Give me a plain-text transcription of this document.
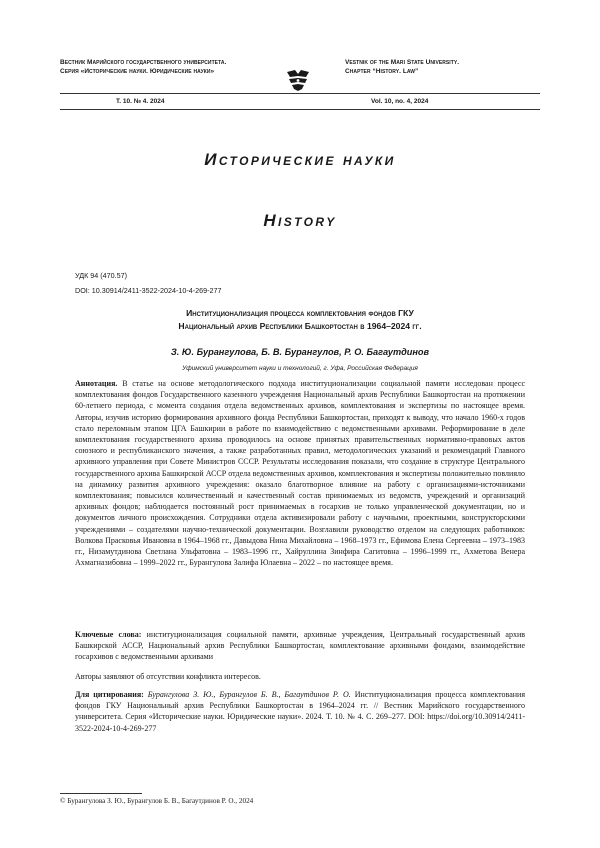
Вестник Марийского государственного университета.
Серия «Исторические науки. Юридические науки»
Vestnik of the Mari State University.
Chapter “History. Law”
Т. 10. № 4. 2024	Vol. 10, no. 4, 2024
Исторические науки
History
УДК 94 (470.57)
DOI: 10.30914/2411-3522-2024-10-4-269-277
Институционализация процесса комплектования фондов ГКУ
Национальный архив Республики Башкортостан в 1964–2024 гг.
З. Ю. Бурангулова, Б. В. Бурангулов, Р. О. Багаутдинов
Уфимский университет науки и технологий, г. Уфа, Российская Федерация
Аннотация. В статье на основе методологического подхода институционализации социальной памяти исследован процесс комплектования фондов Государственного казенного учреждения Национальный архив Республики Башкортостан на протяжении 60-летнего периода, с момента создания отдела ведомственных архивов, комплектования и экспертизы по настоящее время. Авторы, изучив историю формирования архивного фонда Республики Башкортостан, приходят к выводу, что начало 1960-х годов стало переломным этапом ЦГА Башкирии в работе по взаимодействию с ведомственными архивами. Реформирование в деле комплектования государственного архива проводилось на основе принятых правительственных нормативно-правовых актов союзного и республиканского значения, а также разработанных правил, методологических указаний и рекомендаций Главного архивного управления при Совете Министров СССР. Результаты исследования показали, что создание в структуре Центрального государственного архива Башкирской АССР отдела ведомственных архивов, комплектования и экспертизы положительно повлияло на динамику развития архивного учреждения: оказало благотворное влияние на работу с организациями-источниками комплектования; повысился количественный и качественный состав принимаемых из ведомств, учреждений и организаций архивных фондов; наблюдается постоянный рост принимаемых в госархив не только управленческой документации, но и документов личного происхождения. Сотрудники отдела активизировали работу с научными, проектными, конструкторскими учреждениями – создателями научно-технической документации. Возглавили руководство отделом на следующих работников: Волкова Прасковья Ивановна в 1964–1968 гг., Давыдова Нина Михайловна – 1968–1973 гг., Ефимова Елена Сергеевна – 1973–1983 гг., Низамутдинова Светлана Ульфатовна – 1983–1996 гг., Хайруллина Зинфира Сагитовна – 1996–1999 гг., Ахметова Венера Ахмагназибовна – 1999–2022 гг., Бурангулова Залифа Юлаевна – 2022 – по настоящее время.
Ключевые слова: институционализация социальной памяти, архивные учреждения, Центральный государственный архив Башкирской АССР, Национальный архив Республики Башкортостан, комплектование архивными фондами, взаимодействие госархивов с ведомственными архивами
Авторы заявляют об отсутствии конфликта интересов.
Для цитирования: Бурангулова З. Ю., Бурангулов Б. В., Багаутдинов Р. О. Институционализация процесса комплектования фондов ГКУ Национальный архив Республики Башкортостан в 1964–2024 гг. // Вестник Марийского государственного университета. Серия «Исторические науки. Юридические науки». 2024. Т. 10. № 4. С. 269–277. DOI: https://doi.org/10.30914/2411-3522-2024-10-4-269-277
© Бурангулова З. Ю., Бурангулов Б. В., Багаутдинов Р. О., 2024
